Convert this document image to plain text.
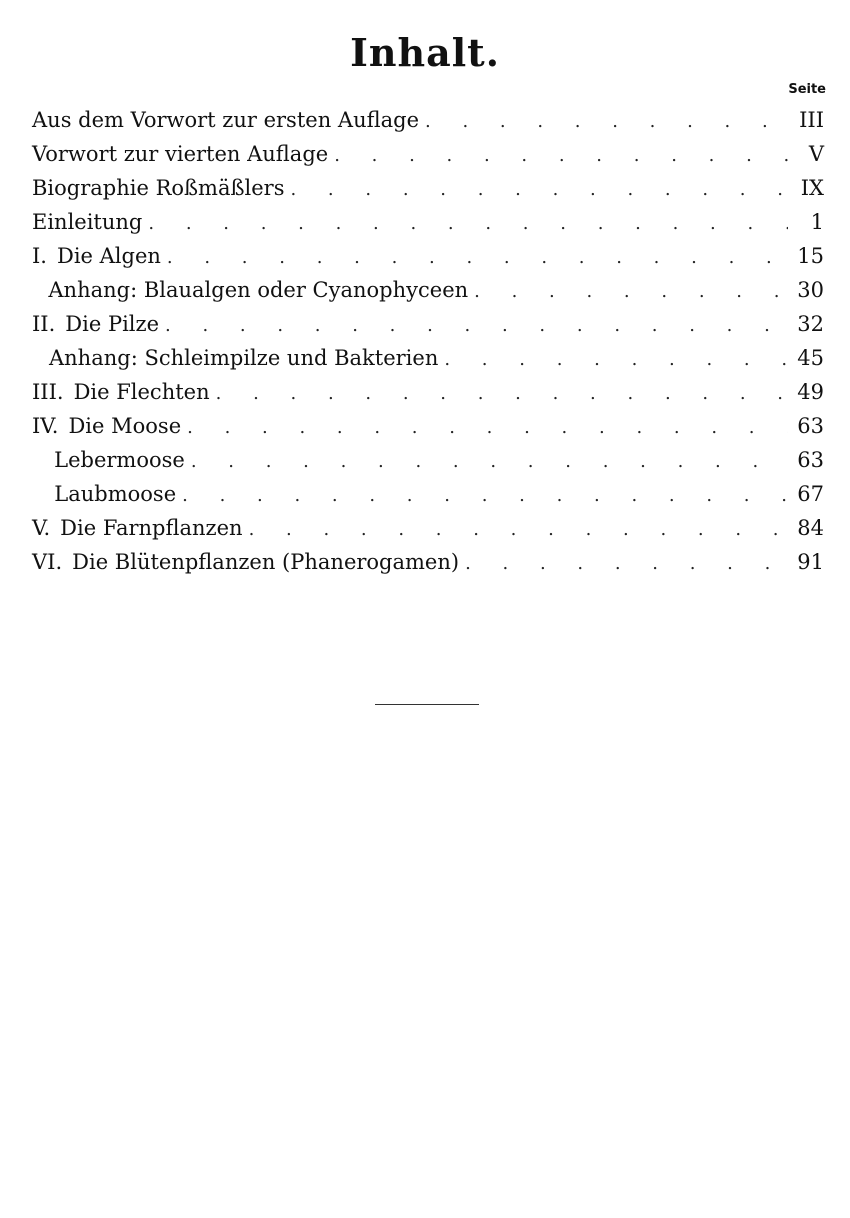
Inhalt.
Seite
Aus dem Vorwort zur ersten Auflage . . .	III
Vorwort zur vierten Auflage . . .	V
Biographie Roßmäßlers . . .	IX
Einleitung . . .	1
I. Die Algen . . .	15
Anhang: Blaualgen oder Cyanophyceen . . .	30
II. Die Pilze . . .	32
Anhang: Schleimpilze und Bakterien . . .	45
III. Die Flechten . . .	49
IV. Die Moose . . .	63
Lebermoose . . .	63
Laubmoose . . .	67
V. Die Farnpflanzen . . .	84
VI. Die Blütenpflanzen (Phanerogamen) . . .	91
